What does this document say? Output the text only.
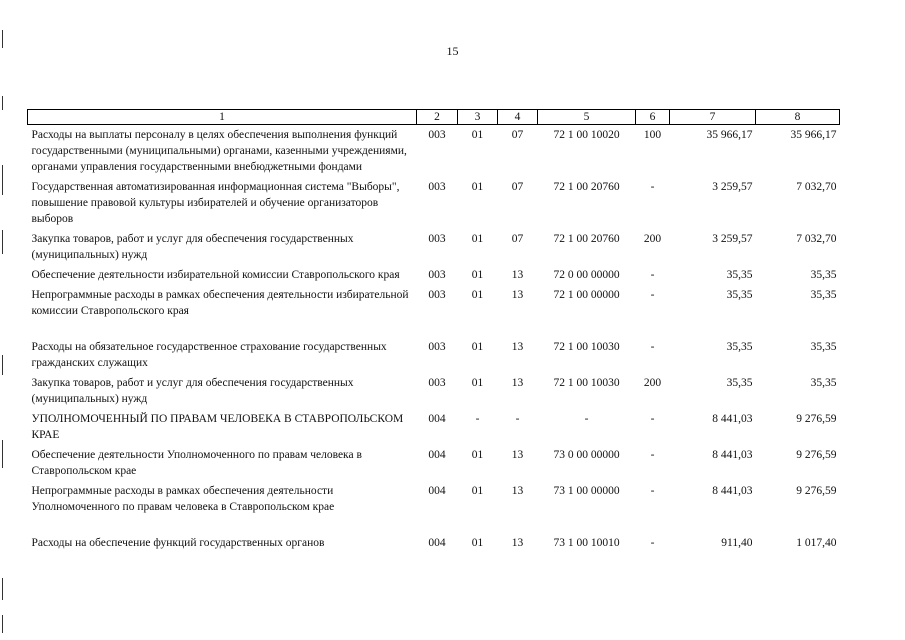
15
1	2	3	4	5	6	7	8
Расходы на выплаты персоналу в целях обеспечения выполнения функций государственными (муниципальными) органами, казенными учреждениями, органами управления государственными внебюджетными фондами	003	01	07	72 1 00 10020	100	35 966,17	35 966,17
Государственная автоматизированная информационная система "Выборы", повышение правовой культуры избирателей и обучение организаторов выборов	003	01	07	72 1 00 20760	-	3 259,57	7 032,70
Закупка товаров, работ и услуг для обеспечения государственных (муниципальных) нужд	003	01	07	72 1 00 20760	200	3 259,57	7 032,70
Обеспечение деятельности избирательной комиссии Ставропольского края	003	01	13	72 0 00 00000	-	35,35	35,35
Непрограммные расходы в рамках обеспечения деятельности избирательной комиссии Ставропольского края	003	01	13	72 1 00 00000	-	35,35	35,35
Расходы на обязательное государственное страхование государственных гражданских служащих	003	01	13	72 1 00 10030	-	35,35	35,35
Закупка товаров, работ и услуг для обеспечения государственных (муниципальных) нужд	003	01	13	72 1 00 10030	200	35,35	35,35
УПОЛНОМОЧЕННЫЙ ПО ПРАВАМ ЧЕЛОВЕКА В СТАВРОПОЛЬСКОМ КРАЕ	004	-	-	-	-	8 441,03	9 276,59
Обеспечение деятельности Уполномоченного по правам человека в Ставропольском крае	004	01	13	73 0 00 00000	-	8 441,03	9 276,59
Непрограммные расходы в рамках обеспечения деятельности Уполномоченного по правам человека в Ставропольском крае	004	01	13	73 1 00 00000	-	8 441,03	9 276,59
Расходы на обеспечение функций государственных органов	004	01	13	73 1 00 10010	-	911,40	1 017,40
